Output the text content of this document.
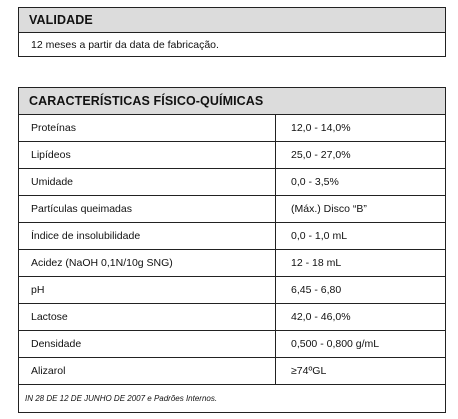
VALIDADE
12 meses a partir da data de fabricação.
CARACTERÍSTICAS FÍSICO-QUÍMICAS
Proteínas	12,0 - 14,0%
Lipídeos	25,0 - 27,0%
Umidade	0,0 - 3,5%
Partículas queimadas	(Máx.) Disco “B”
Índice de insolubilidade	0,0 - 1,0 mL
Acidez (NaOH 0,1N/10g SNG)	12 - 18 mL
pH	6,45 - 6,80
Lactose	42,0 - 46,0%
Densidade	0,500 - 0,800 g/mL
Alizarol	≥74ºGL
IN 28 DE 12 DE JUNHO DE 2007 e Padrões Internos.
